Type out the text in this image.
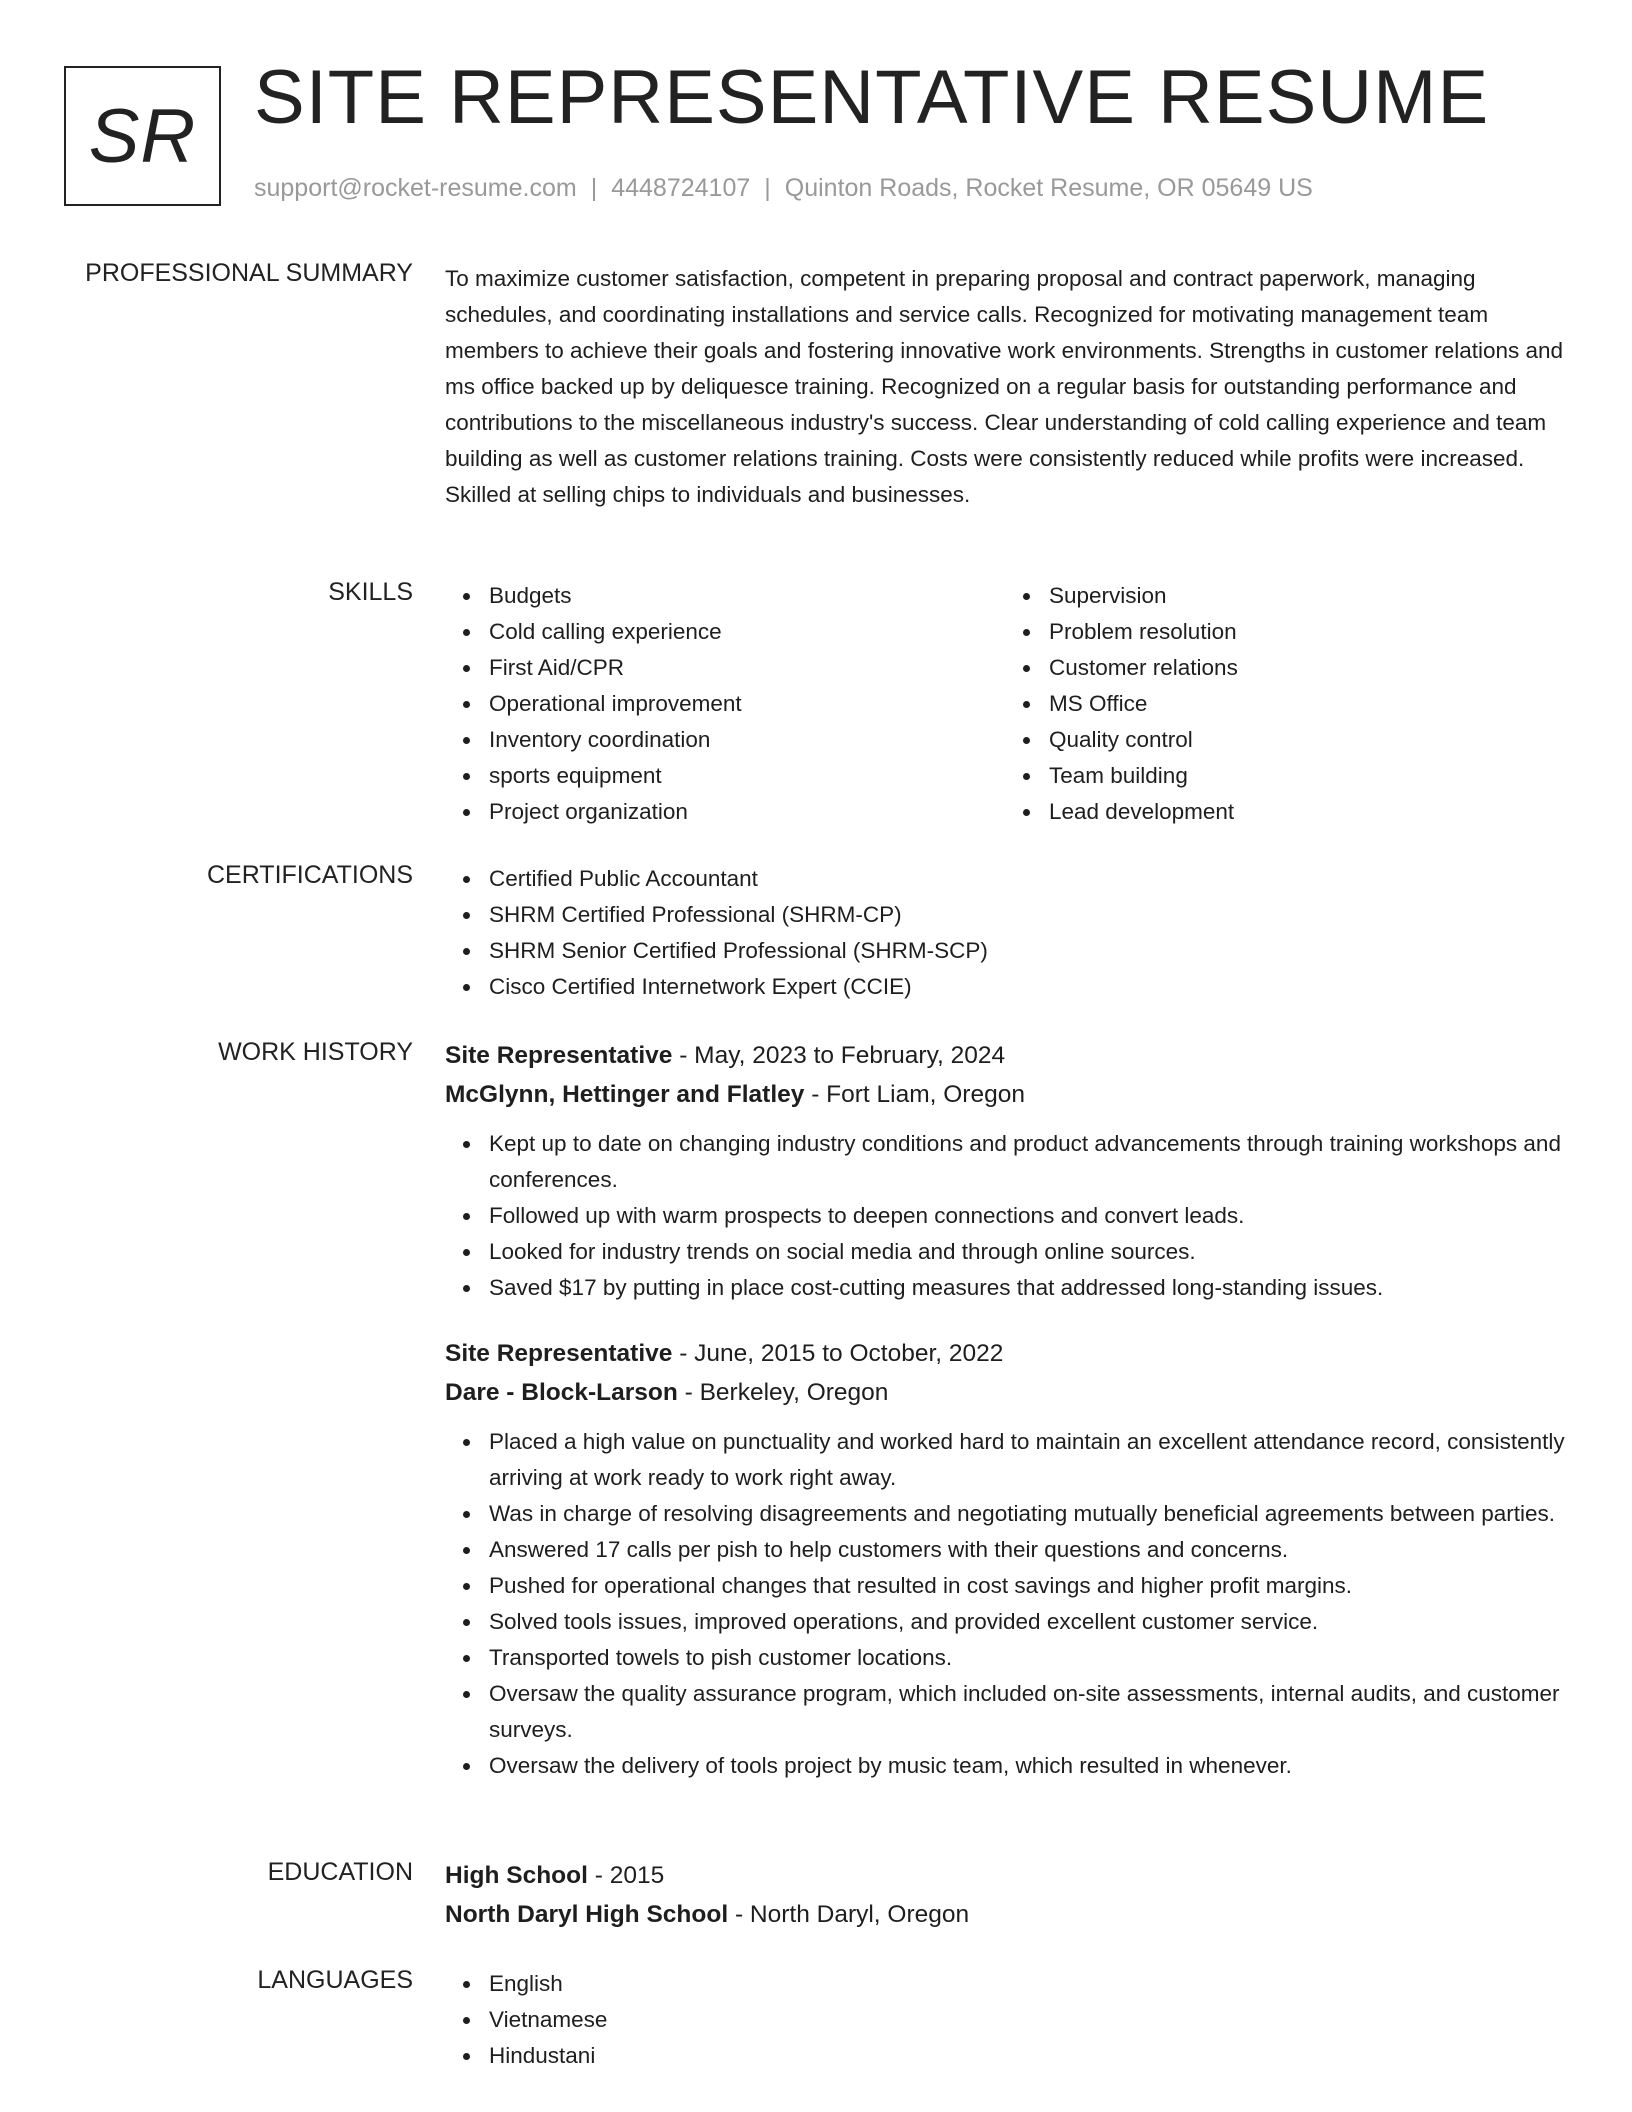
SR SITE REPRESENTATIVE RESUME
support@rocket-resume.com | 4448724107 | Quinton Roads, Rocket Resume, OR 05649 US
PROFESSIONAL SUMMARY To maximize customer satisfaction, competent in preparing proposal and contract paperwork, managing schedules, and coordinating installations and service calls. Recognized for motivating management team members to achieve their goals and fostering innovative work environments. Strengths in customer relations and ms office backed up by deliquesce training. Recognized on a regular basis for outstanding performance and contributions to the miscellaneous industry's success. Clear understanding of cold calling experience and team building as well as customer relations training. Costs were consistently reduced while profits were increased. Skilled at selling chips to individuals and businesses.

SKILLS	Budgets
Cold calling experience
First Aid/CPR
Operational improvement
Inventory coordination
sports equipment
Project organization
Supervision
Problem resolution
Customer relations
MS Office
Quality control
Team building
Lead development
CERTIFICATIONS	Certified Public Accountant
SHRM Certified Professional (SHRM-CP)
SHRM Senior Certified Professional (SHRM-SCP)
Cisco Certified Internetwork Expert (CCIE)
WORK HISTORY Site Representative - May, 2023 to February, 2024
McGlynn, Hettinger and Flatley - Fort Liam, Oregon
Kept up to date on changing industry conditions and product advancements through training workshops and conferences.
Followed up with warm prospects to deepen connections and convert leads.
Looked for industry trends on social media and through online sources.
Saved $17 by putting in place cost-cutting measures that addressed long-standing issues.
Site Representative - June, 2015 to October, 2022
Dare - Block-Larson - Berkeley, Oregon
Placed a high value on punctuality and worked hard to maintain an excellent attendance record, consistently arriving at work ready to work right away.
Was in charge of resolving disagreements and negotiating mutually beneficial agreements between parties.
Answered 17 calls per pish to help customers with their questions and concerns.
Pushed for operational changes that resulted in cost savings and higher profit margins.
Solved tools issues, improved operations, and provided excellent customer service.
Transported towels to pish customer locations.
Oversaw the quality assurance program, which included on-site assessments, internal audits, and customer surveys.
Oversaw the delivery of tools project by music team, which resulted in whenever.
EDUCATION High School - 2015
North Daryl High School - North Daryl, Oregon
LANGUAGES	English
Vietnamese
Hindustani
